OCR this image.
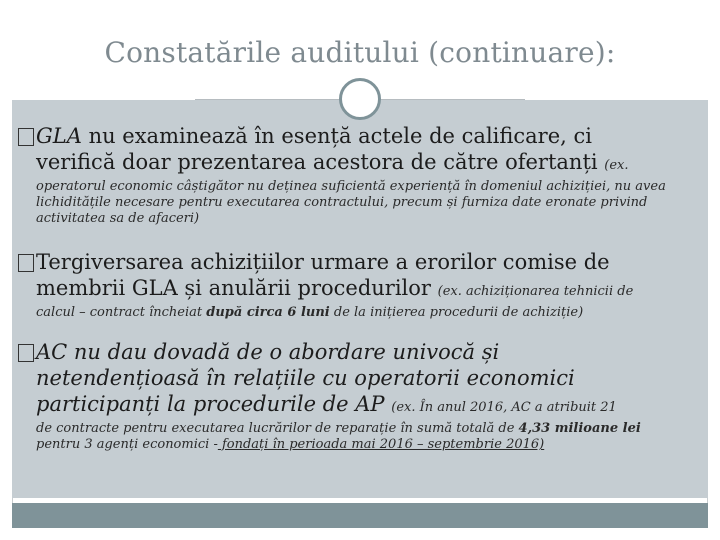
Constatările auditului (continuare):
GLA nu examinează în esență actele de calificare, ci
verifică doar prezentarea acestora de către ofertanți (ex.
operatorul economic câștigător nu deținea suficientă experiență în domeniul achiziției, nu avea lichiditățile necesare pentru executarea contractului, precum și furniza date eronate privind activitatea sa de afaceri)
Tergiversarea achizițiilor urmare a erorilor comise de
membrii GLA și anulării procedurilor (ex. achiziționarea tehnicii de
calcul – contract încheiat după circa 6 luni de la inițierea procedurii de achiziție)
AC nu dau dovadă de o abordare univocă și
netendențioasă în relațiile cu operatorii economici
participanți la procedurile de AP (ex. În anul 2016, AC a atribuit 21
de contracte pentru executarea lucrărilor de reparație în sumă totală de 4,33 milioane lei
pentru 3 agenți economici - fondați în perioada mai 2016 – septembrie 2016)
